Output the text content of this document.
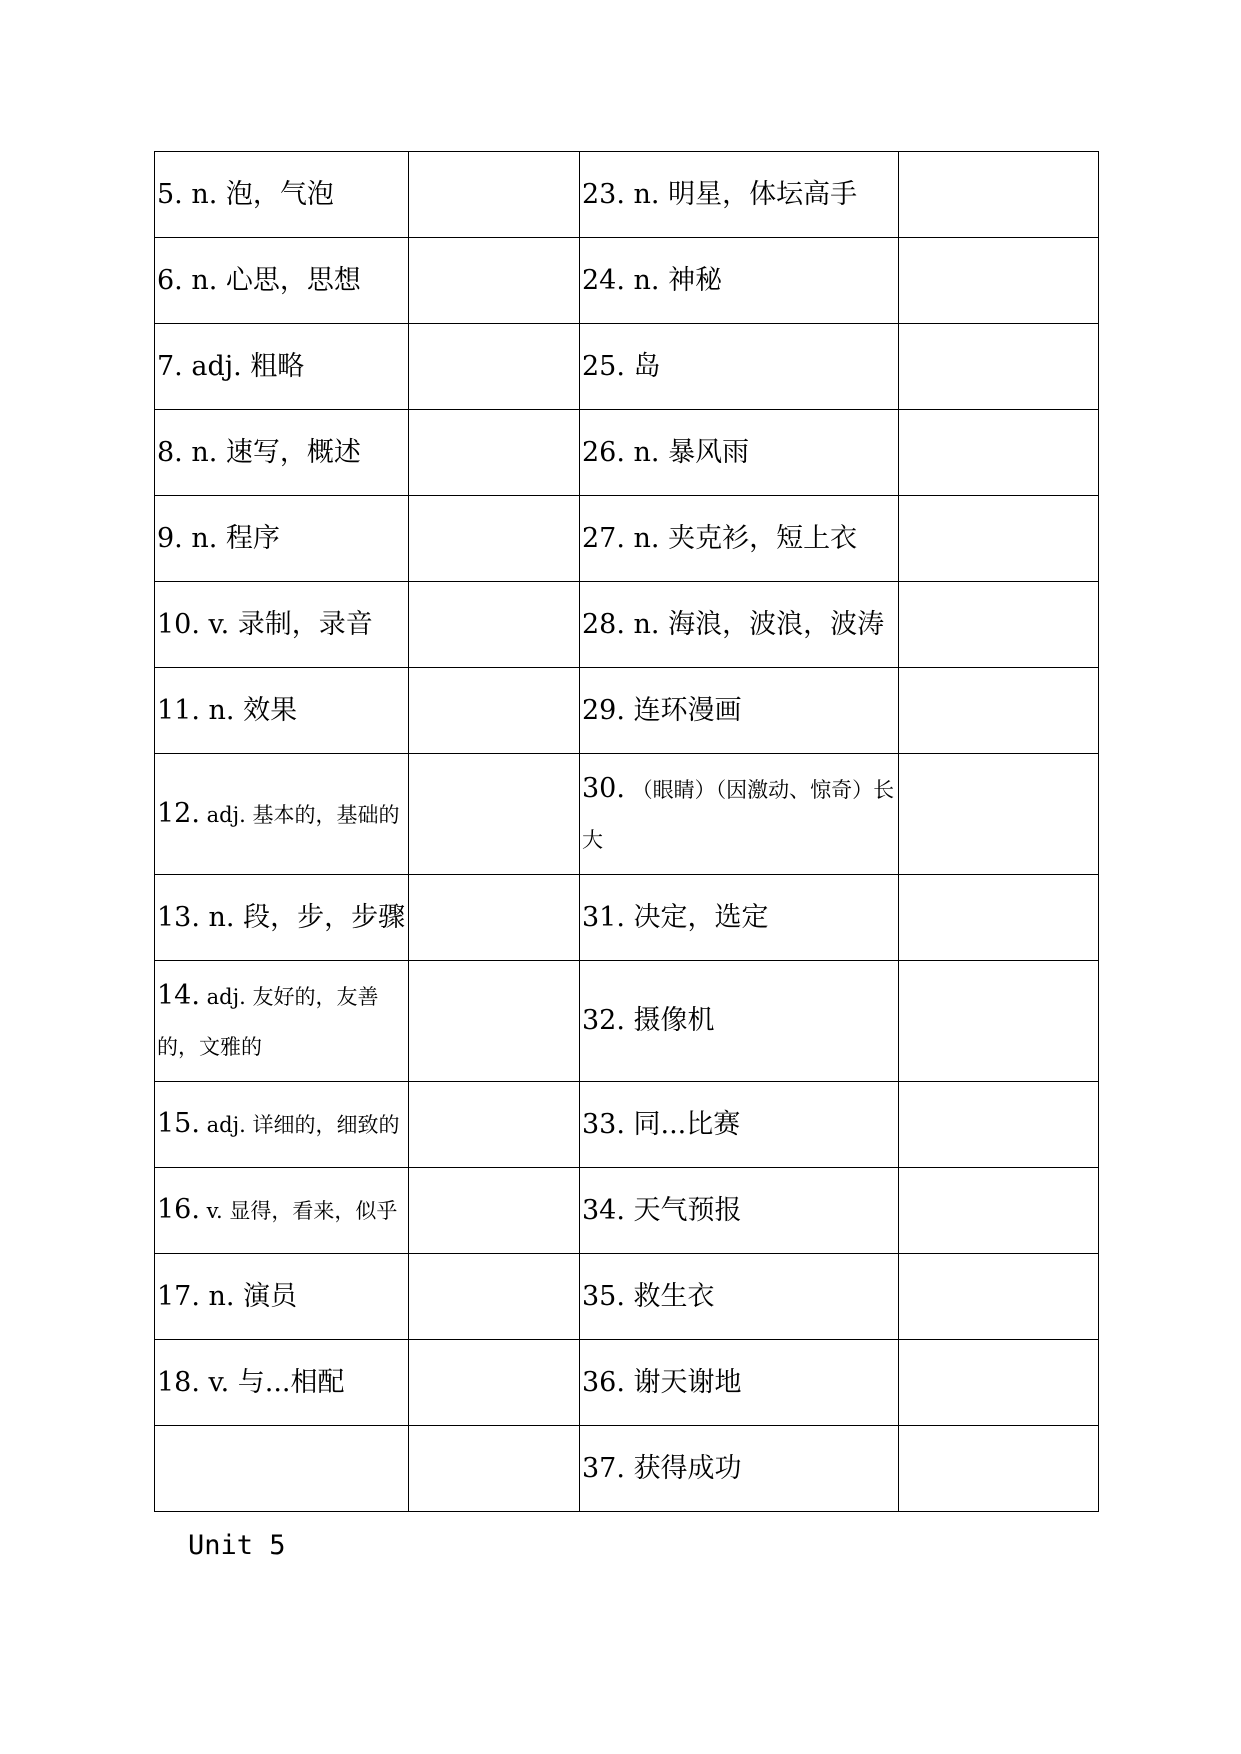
5. n. 泡，气泡		23. n. 明星，体坛高手	
6. n. 心思，思想		24. n. 神秘	
7. adj. 粗略		25. 岛	
8. n. 速写，概述		26. n. 暴风雨	
9. n. 程序		27. n. 夹克衫，短上衣	
10. v. 录制，录音		28. n. 海浪，波浪，波涛	
11. n. 效果		29. 连环漫画	
12. adj. 基本的，基础的		30. （眼睛）（因激动、惊奇）长大	
13. n. 段，步，步骤		31. 决定，选定	
14. adj. 友好的，友善的，文雅的		32. 摄像机	
15. adj. 详细的，细致的		33. 同...比赛	
16. v. 显得，看来，似乎		34. 天气预报	
17. n. 演员		35. 救生衣	
18. v. 与...相配		36. 谢天谢地	
		37. 获得成功	
Unit 5
